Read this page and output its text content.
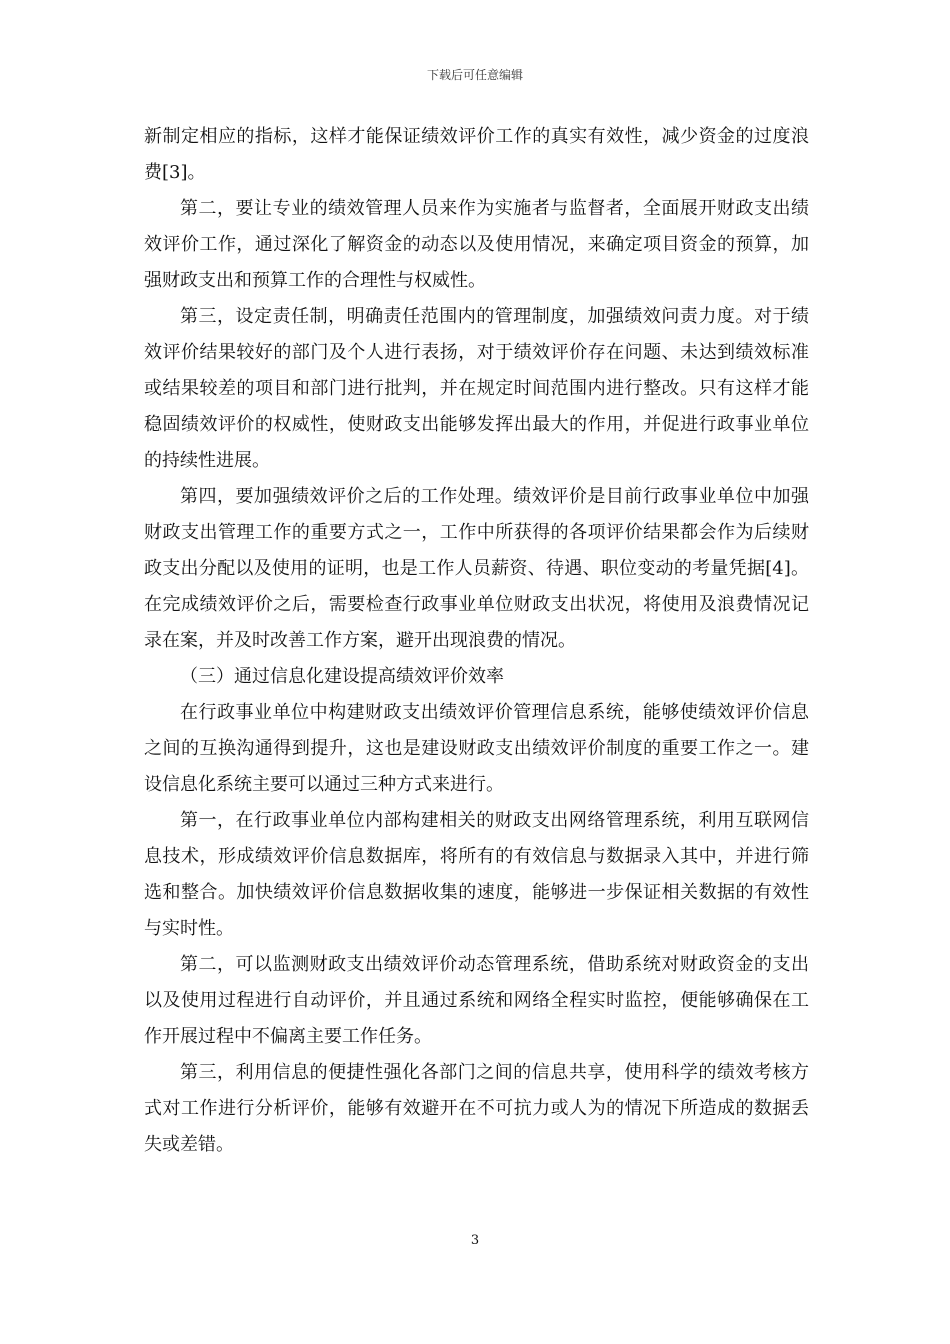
下载后可任意编辑

新制定相应的指标，这样才能保证绩效评价工作的真实有效性，减少资金的过度浪费[3]。

第二，要让专业的绩效管理人员来作为实施者与监督者，全面展开财政支出绩效评价工作，通过深化了解资金的动态以及使用情况，来确定项目资金的预算，加强财政支出和预算工作的合理性与权威性。

第三，设定责任制，明确责任范围内的管理制度，加强绩效问责力度。对于绩效评价结果较好的部门及个人进行表扬，对于绩效评价存在问题、未达到绩效标准或结果较差的项目和部门进行批判，并在规定时间范围内进行整改。只有这样才能稳固绩效评价的权威性，使财政支出能够发挥出最大的作用，并促进行政事业单位的持续性进展。

第四，要加强绩效评价之后的工作处理。绩效评价是目前行政事业单位中加强财政支出管理工作的重要方式之一，工作中所获得的各项评价结果都会作为后续财政支出分配以及使用的证明，也是工作人员薪资、待遇、职位变动的考量凭据[4]。在完成绩效评价之后，需要检查行政事业单位财政支出状况，将使用及浪费情况记录在案，并及时改善工作方案，避开出现浪费的情况。

（三）通过信息化建设提高绩效评价效率

在行政事业单位中构建财政支出绩效评价管理信息系统，能够使绩效评价信息之间的互换沟通得到提升，这也是建设财政支出绩效评价制度的重要工作之一。建设信息化系统主要可以通过三种方式来进行。

第一，在行政事业单位内部构建相关的财政支出网络管理系统，利用互联网信息技术，形成绩效评价信息数据库，将所有的有效信息与数据录入其中，并进行筛选和整合。加快绩效评价信息数据收集的速度，能够进一步保证相关数据的有效性与实时性。

第二，可以监测财政支出绩效评价动态管理系统，借助系统对财政资金的支出以及使用过程进行自动评价，并且通过系统和网络全程实时监控，便能够确保在工作开展过程中不偏离主要工作任务。

第三，利用信息的便捷性强化各部门之间的信息共享，使用科学的绩效考核方式对工作进行分析评价，能够有效避开在不可抗力或人为的情况下所造成的数据丢失或差错。

3
